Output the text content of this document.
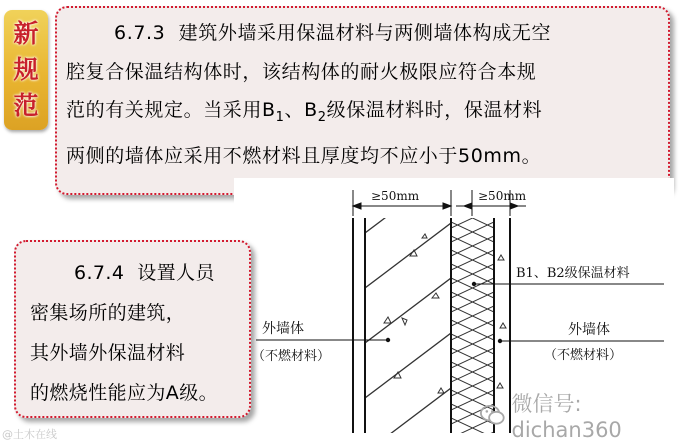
新
规
范
6.7.3 建筑外墙采用保温材料与两侧墙体构成无空
腔复合保温结构体时，该结构体的耐火极限应符合本规
范的有关规定。当采用$B_1$、$B_2$级保温材料时，保温材料
两侧的墙体应采用不燃材料且厚度均不应小于50mm。
≥50mm	≥50mm
B1、B2级保温材料
外墙体
（不燃材料）
外墙体
（不燃材料）
6.7.4 设置人员
密集场所的建筑，
其外墙外保温材料
的燃烧性能应为A级。	微信号: dichan360
@土木在线
